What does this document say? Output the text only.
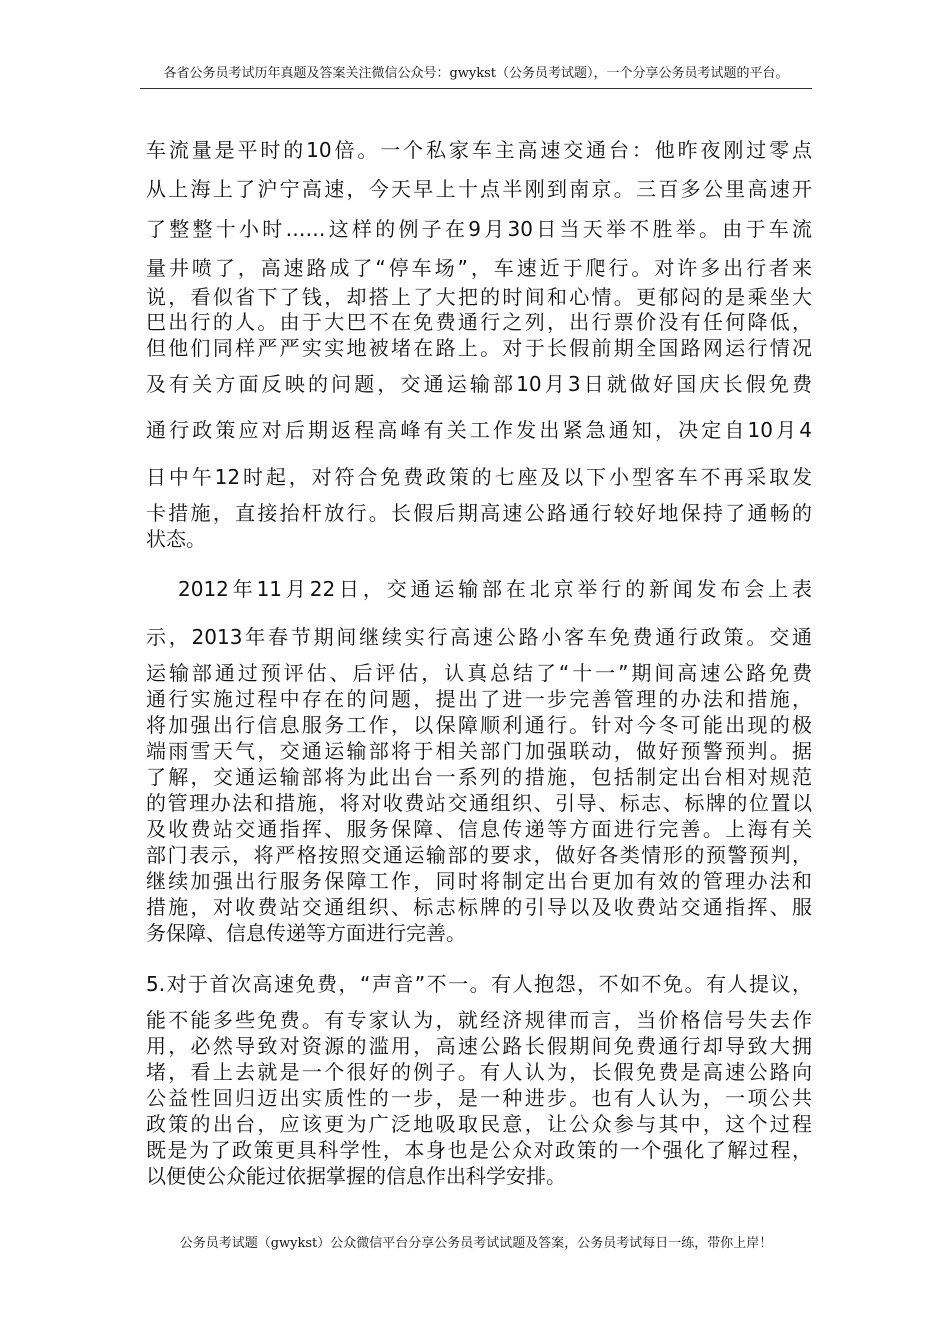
各省公务员考试历年真题及答案关注微信公众号：gwykst（公务员考试题），一个分享公务员考试题的平台。
车流量是平时的10倍。一个私家车主高速交通台：他昨夜刚过零点
从上海上了沪宁高速，今天早上十点半刚到南京。三百多公里高速开
了整整十小时……这样的例子在9月30日当天举不胜举。由于车流
量井喷了，高速路成了“停车场”，车速近于爬行。对许多出行者来
说，看似省下了钱，却搭上了大把的时间和心情。更郁闷的是乘坐大
巴出行的人。由于大巴不在免费通行之列，出行票价没有任何降低，
但他们同样严严实实地被堵在路上。对于长假前期全国路网运行情况
及有关方面反映的问题，交通运输部10月3日就做好国庆长假免费
通行政策应对后期返程高峰有关工作发出紧急通知，决定自10月4
日中午12时起，对符合免费政策的七座及以下小型客车不再采取发
卡措施，直接抬杆放行。长假后期高速公路通行较好地保持了通畅的
状态。
2012年11月22日，交通运输部在北京举行的新闻发布会上表
示，2013年春节期间继续实行高速公路小客车免费通行政策。交通
运输部通过预评估、后评估，认真总结了“十一”期间高速公路免费
通行实施过程中存在的问题，提出了进一步完善管理的办法和措施，
将加强出行信息服务工作，以保障顺利通行。针对今冬可能出现的极
端雨雪天气，交通运输部将于相关部门加强联动，做好预警预判。据
了解，交通运输部将为此出台一系列的措施，包括制定出台相对规范
的管理办法和措施，将对收费站交通组织、引导、标志、标牌的位置以
及收费站交通指挥、服务保障、信息传递等方面进行完善。上海有关
部门表示，将严格按照交通运输部的要求，做好各类情形的预警预判，
继续加强出行服务保障工作，同时将制定出台更加有效的管理办法和
措施，对收费站交通组织、标志标牌的引导以及收费站交通指挥、服
务保障、信息传递等方面进行完善。
5.对于首次高速免费，“声音”不一。有人抱怨，不如不免。有人提议，
能不能多些免费。有专家认为，就经济规律而言，当价格信号失去作
用，必然导致对资源的滥用，高速公路长假期间免费通行却导致大拥
堵，看上去就是一个很好的例子。有人认为，长假免费是高速公路向
公益性回归迈出实质性的一步，是一种进步。也有人认为，一项公共
政策的出台，应该更为广泛地吸取民意，让公众参与其中，这个过程
既是为了政策更具科学性，本身也是公众对政策的一个强化了解过程，
以便使公众能过依据掌握的信息作出科学安排。
公务员考试题（gwykst）公众微信平台分享公务员考试试题及答案，公务员考试每日一练，带你上岸！
